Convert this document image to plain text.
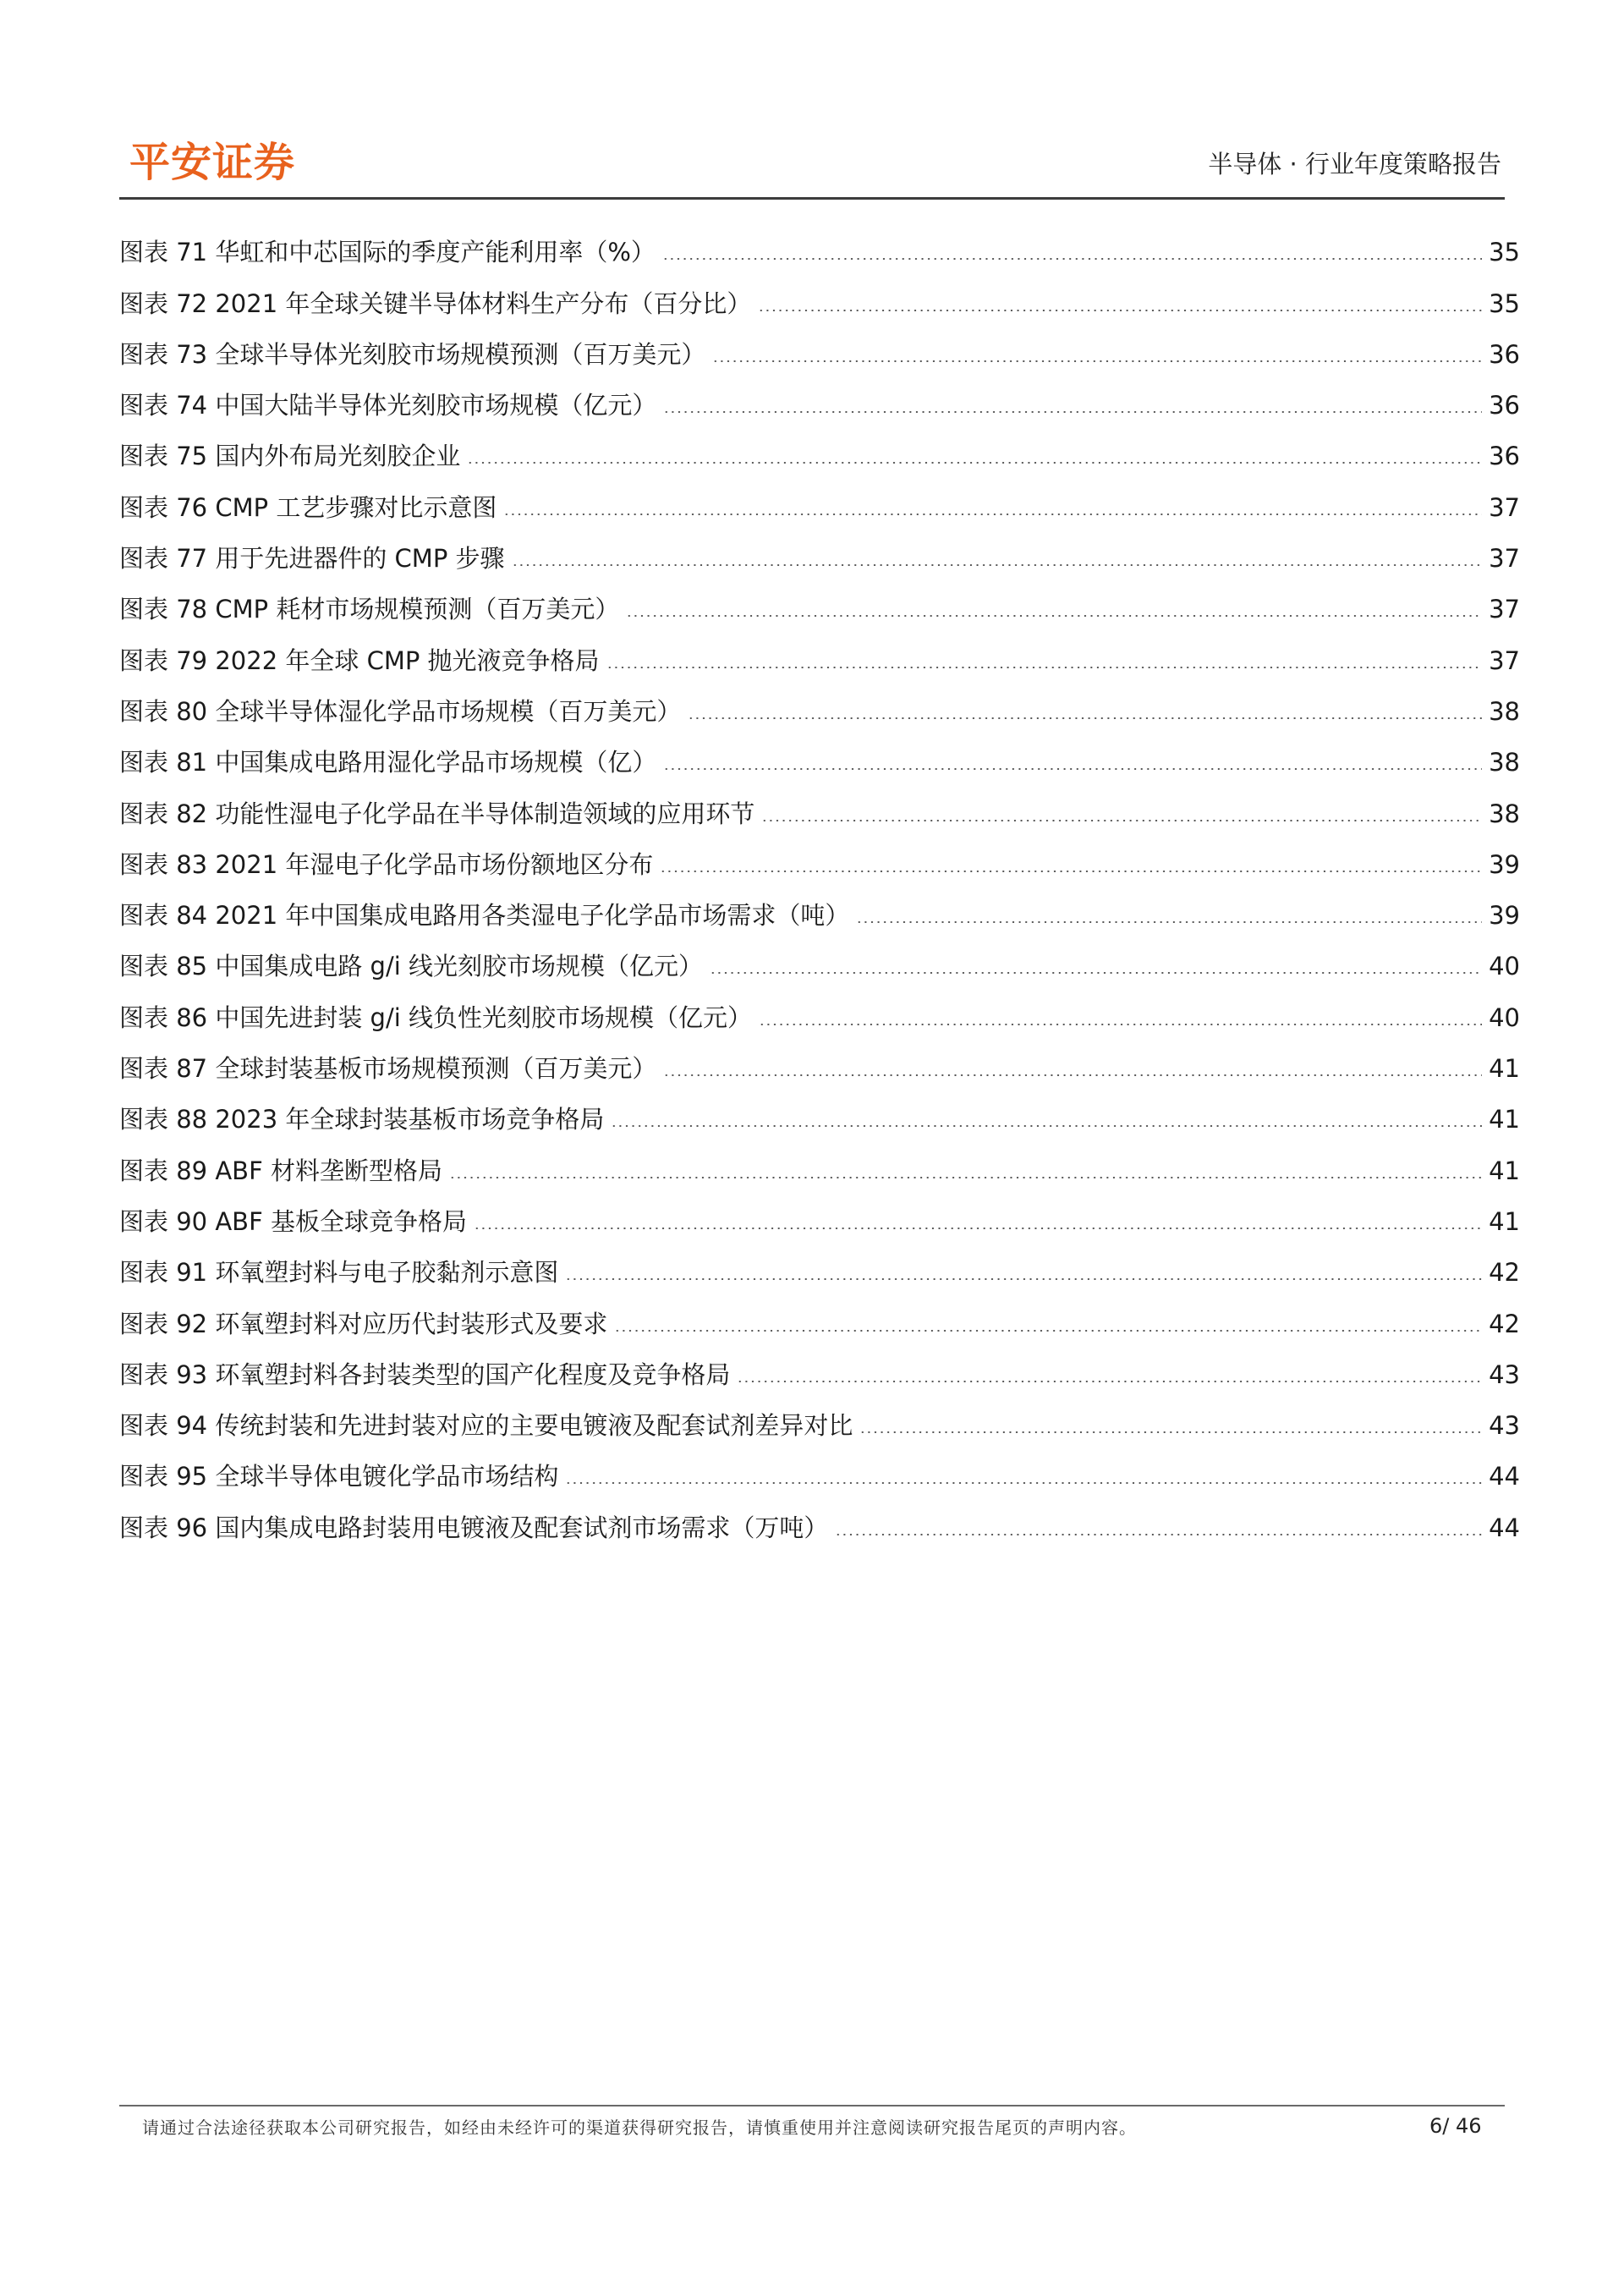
平安证券	半导体 · 行业年度策略报告
图表 71 华虹和中芯国际的季度产能利用率（%）	35
图表 72 2021 年全球关键半导体材料生产分布（百分比）	35
图表 73 全球半导体光刻胶市场规模预测（百万美元）	36
图表 74 中国大陆半导体光刻胶市场规模（亿元）	36
图表 75 国内外布局光刻胶企业	36
图表 76 CMP 工艺步骤对比示意图	37
图表 77 用于先进器件的 CMP 步骤	37
图表 78 CMP 耗材市场规模预测（百万美元）	37
图表 79 2022 年全球 CMP 抛光液竞争格局	37
图表 80 全球半导体湿化学品市场规模（百万美元）	38
图表 81 中国集成电路用湿化学品市场规模（亿）	38
图表 82 功能性湿电子化学品在半导体制造领域的应用环节	38
图表 83 2021 年湿电子化学品市场份额地区分布	39
图表 84 2021 年中国集成电路用各类湿电子化学品市场需求（吨）	39
图表 85 中国集成电路 g/i 线光刻胶市场规模（亿元）	40
图表 86 中国先进封装 g/i 线负性光刻胶市场规模（亿元）	40
图表 87 全球封装基板市场规模预测（百万美元）	41
图表 88 2023 年全球封装基板市场竞争格局	41
图表 89 ABF 材料垄断型格局	41
图表 90 ABF 基板全球竞争格局	41
图表 91 环氧塑封料与电子胶黏剂示意图	42
图表 92 环氧塑封料对应历代封装形式及要求	42
图表 93 环氧塑封料各封装类型的国产化程度及竞争格局	43
图表 94 传统封装和先进封装对应的主要电镀液及配套试剂差异对比	43
图表 95 全球半导体电镀化学品市场结构	44
图表 96 国内集成电路封装用电镀液及配套试剂市场需求（万吨）	44
请通过合法途径获取本公司研究报告，如经由未经许可的渠道获得研究报告，请慎重使用并注意阅读研究报告尾页的声明内容。	6/ 46
